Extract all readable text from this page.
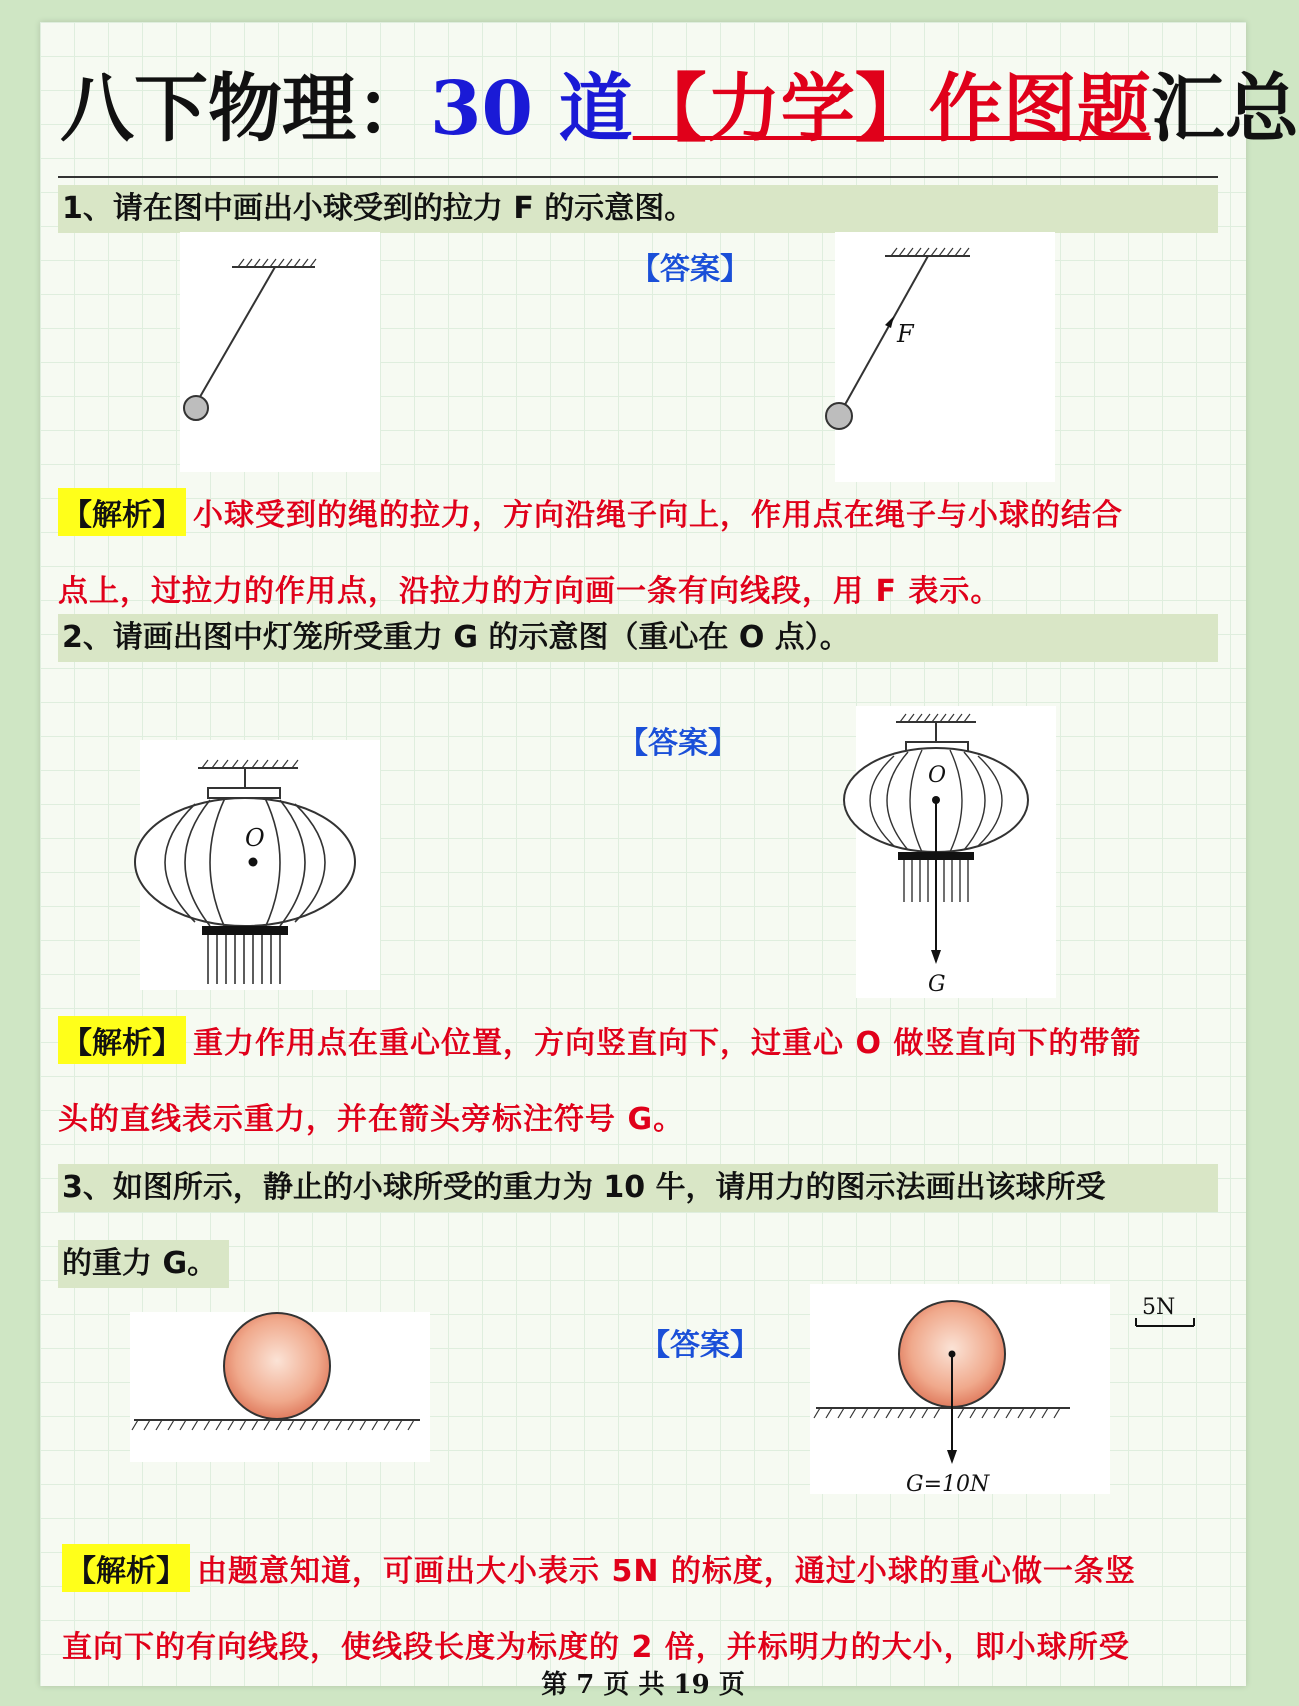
八下物理：30 道【力学】作图题汇总
1、请在图中画出小球受到的拉力 F 的示意图。
【答案】
F
【解析】 小球受到的绳的拉力，方向沿绳子向上，作用点在绳子与小球的结合
点上，过拉力的作用点，沿拉力的方向画一条有向线段，用 F 表示。
2、请画出图中灯笼所受重力 G 的示意图（重心在 O 点）。
O
【答案】
O
G
【解析】 重力作用点在重心位置，方向竖直向下，过重心 O 做竖直向下的带箭
头的直线表示重力，并在箭头旁标注符号 G。
3、如图所示，静止的小球所受的重力为 10 牛，请用力的图示法画出该球所受
的重力 G。
【答案】
G=10N
5N
【解析】 由题意知道，可画出大小表示 5N 的标度，通过小球的重心做一条竖
直向下的有向线段，使线段长度为标度的 2 倍，并标明力的大小，即小球所受
第 7 页 共 19 页
